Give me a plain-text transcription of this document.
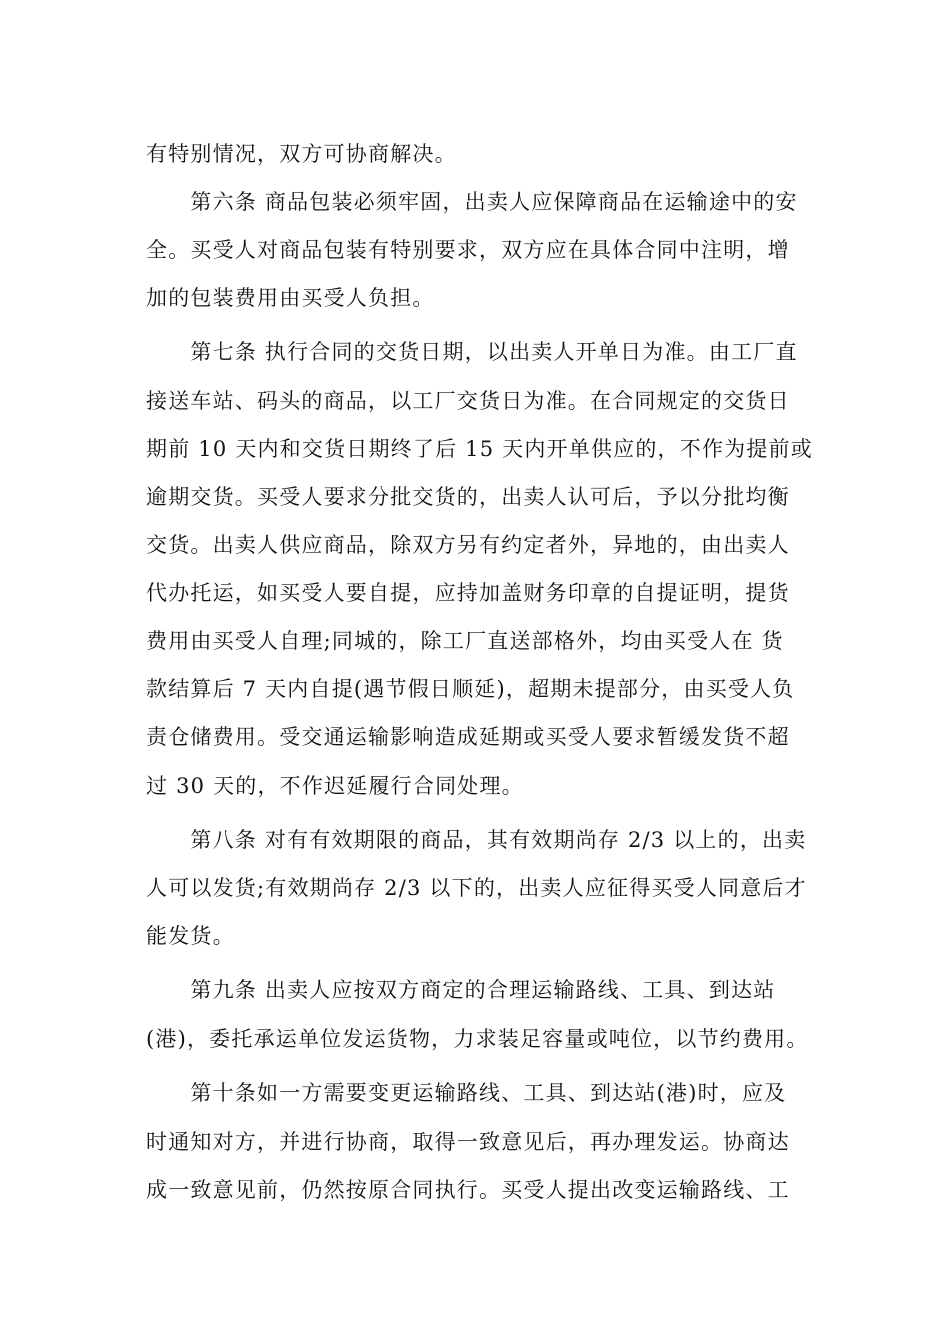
有特别情况，双方可协商解决。
　　第六条 商品包装必须牢固，出卖人应保障商品在运输途中的安
全。买受人对商品包装有特别要求，双方应在具体合同中注明，增
加的包装费用由买受人负担。
　　第七条 执行合同的交货日期，以出卖人开单日为准。由工厂直
接送车站、码头的商品，以工厂交货日为准。在合同规定的交货日
期前 10 天内和交货日期终了后 15 天内开单供应的，不作为提前或
逾期交货。买受人要求分批交货的，出卖人认可后，予以分批均衡
交货。出卖人供应商品，除双方另有约定者外，异地的，由出卖人
代办托运，如买受人要自提，应持加盖财务印章的自提证明，提货
费用由买受人自理;同城的，除工厂直送部格外，均由买受人在 货
款结算后 7 天内自提(遇节假日顺延)，超期未提部分，由买受人负
责仓储费用。受交通运输影响造成延期或买受人要求暂缓发货不超
过 30 天的，不作迟延履行合同处理。
　　第八条 对有有效期限的商品，其有效期尚存 2/3 以上的，出卖
人可以发货;有效期尚存 2/3 以下的，出卖人应征得买受人同意后才
能发货。
　　第九条 出卖人应按双方商定的合理运输路线、工具、到达站
(港)，委托承运单位发运货物，力求装足容量或吨位，以节约费用。
　　第十条如一方需要变更运输路线、工具、到达站(港)时，应及
时通知对方，并进行协商，取得一致意见后，再办理发运。协商达
成一致意见前，仍然按原合同执行。买受人提出改变运输路线、工
